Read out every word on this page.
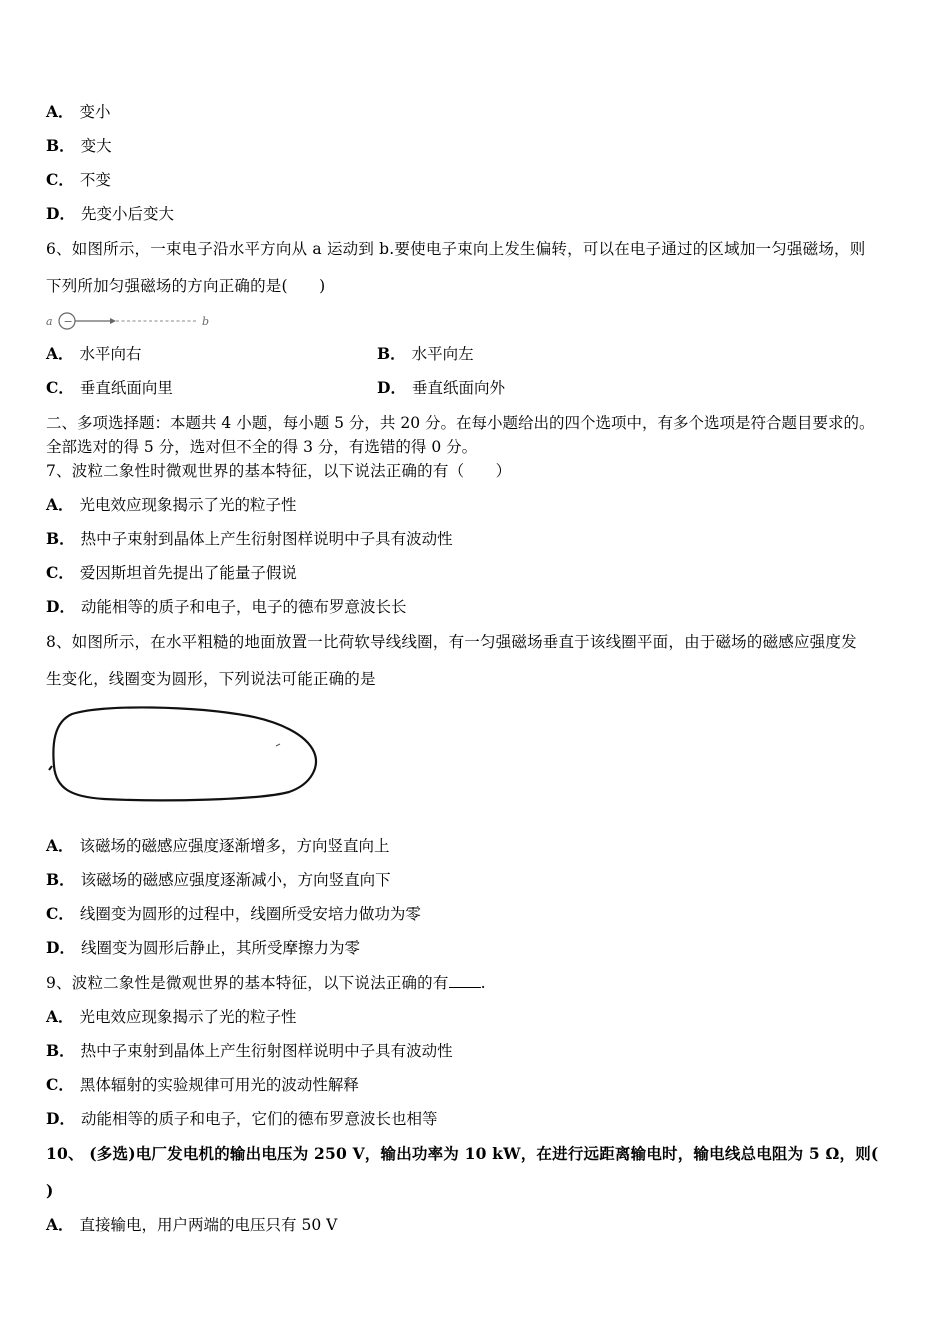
A． 变小
B． 变大
C． 不变
D． 先变小后变大
6、如图所示，一束电子沿水平方向从 a 运动到 b.要使电子束向上发生偏转，可以在电子通过的区域加一匀强磁场，则
下列所加匀强磁场的方向正确的是(　　)
a −	b
A． 水平向右	B． 水平向左
C． 垂直纸面向里	D． 垂直纸面向外
二、多项选择题：本题共 4 小题，每小题 5 分，共 20 分。在每小题给出的四个选项中，有多个选项是符合题目要求的。
全部选对的得 5 分，选对但不全的得 3 分，有选错的得 0 分。
7、波粒二象性时微观世界的基本特征，以下说法正确的有（　　）
A． 光电效应现象揭示了光的粒子性
B． 热中子束射到晶体上产生衍射图样说明中子具有波动性
C． 爱因斯坦首先提出了能量子假说
D． 动能相等的质子和电子，电子的德布罗意波长长
8、如图所示，在水平粗糙的地面放置一比荷软导线线圈，有一匀强磁场垂直于该线圈平面，由于磁场的磁感应强度发
生变化，线圈变为圆形，下列说法可能正确的是
A． 该磁场的磁感应强度逐渐增多，方向竖直向上
B． 该磁场的磁感应强度逐渐减小，方向竖直向下
C． 线圈变为圆形的过程中，线圈所受安培力做功为零
D． 线圈变为圆形后静止，其所受摩擦力为零
9、波粒二象性是微观世界的基本特征，以下说法正确的有 .
A． 光电效应现象揭示了光的粒子性
B． 热中子束射到晶体上产生衍射图样说明中子具有波动性
C． 黑体辐射的实验规律可用光的波动性解释
D． 动能相等的质子和电子，它们的德布罗意波长也相等
10、 (多选)电厂发电机的输出电压为 250 V，输出功率为 10 kW，在进行远距离输电时，输电线总电阻为 5 Ω，则(
)
A． 直接输电，用户两端的电压只有 50 V
